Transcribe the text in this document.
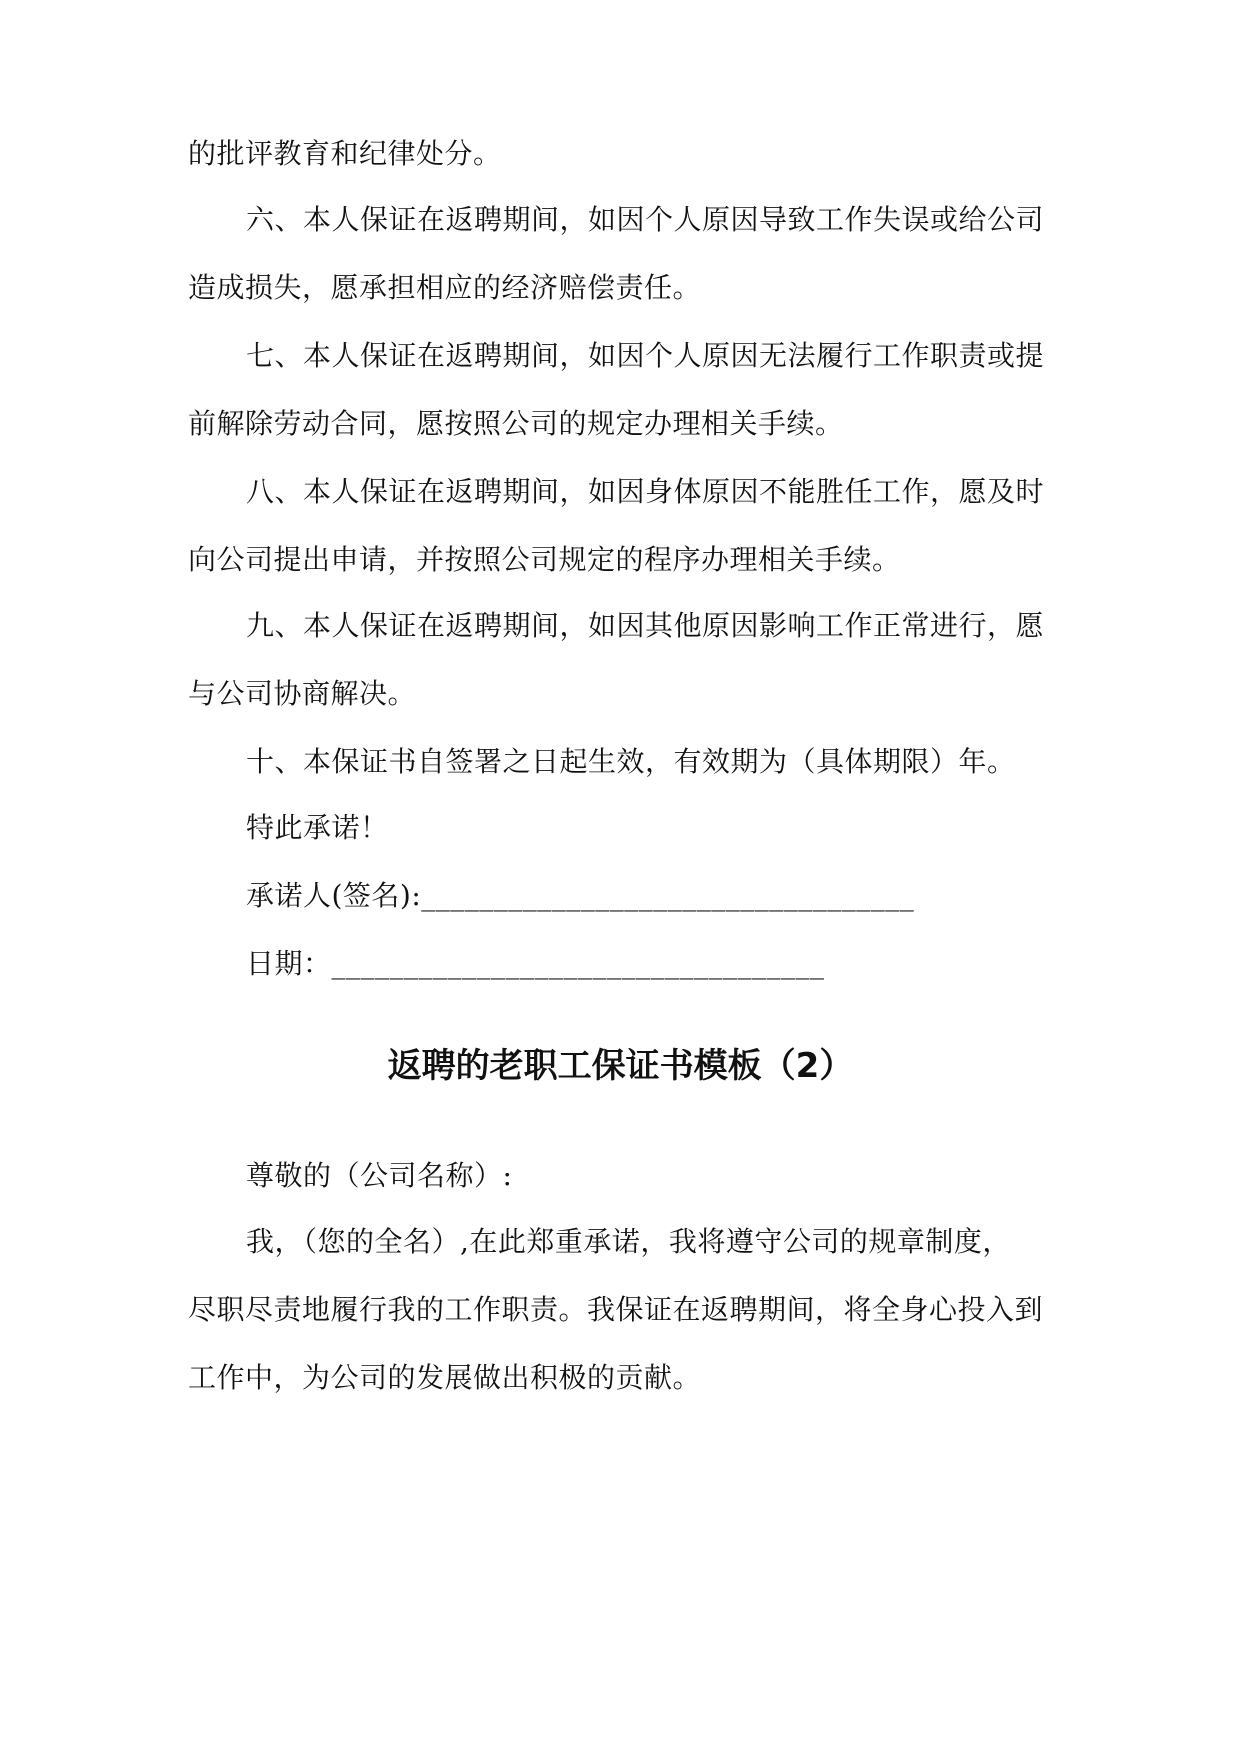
的批评教育和纪律处分。
六、本人保证在返聘期间，如因个人原因导致工作失误或给公司
造成损失，愿承担相应的经济赔偿责任。
七、本人保证在返聘期间，如因个人原因无法履行工作职责或提
前解除劳动合同，愿按照公司的规定办理相关手续。
八、本人保证在返聘期间，如因身体原因不能胜任工作，愿及时
向公司提出申请，并按照公司规定的程序办理相关手续。
九、本人保证在返聘期间，如因其他原因影响工作正常进行，愿
与公司协商解决。
十、本保证书自签署之日起生效，有效期为（具体期限）年。
特此承诺！
承诺人(签名):__________________________________
日期：__________________________________
返聘的老职工保证书模板（2）
尊敬的（公司名称）:
我，（您的全名）,在此郑重承诺，我将遵守公司的规章制度，
尽职尽责地履行我的工作职责。我保证在返聘期间，将全身心投入到
工作中，为公司的发展做出积极的贡献。
